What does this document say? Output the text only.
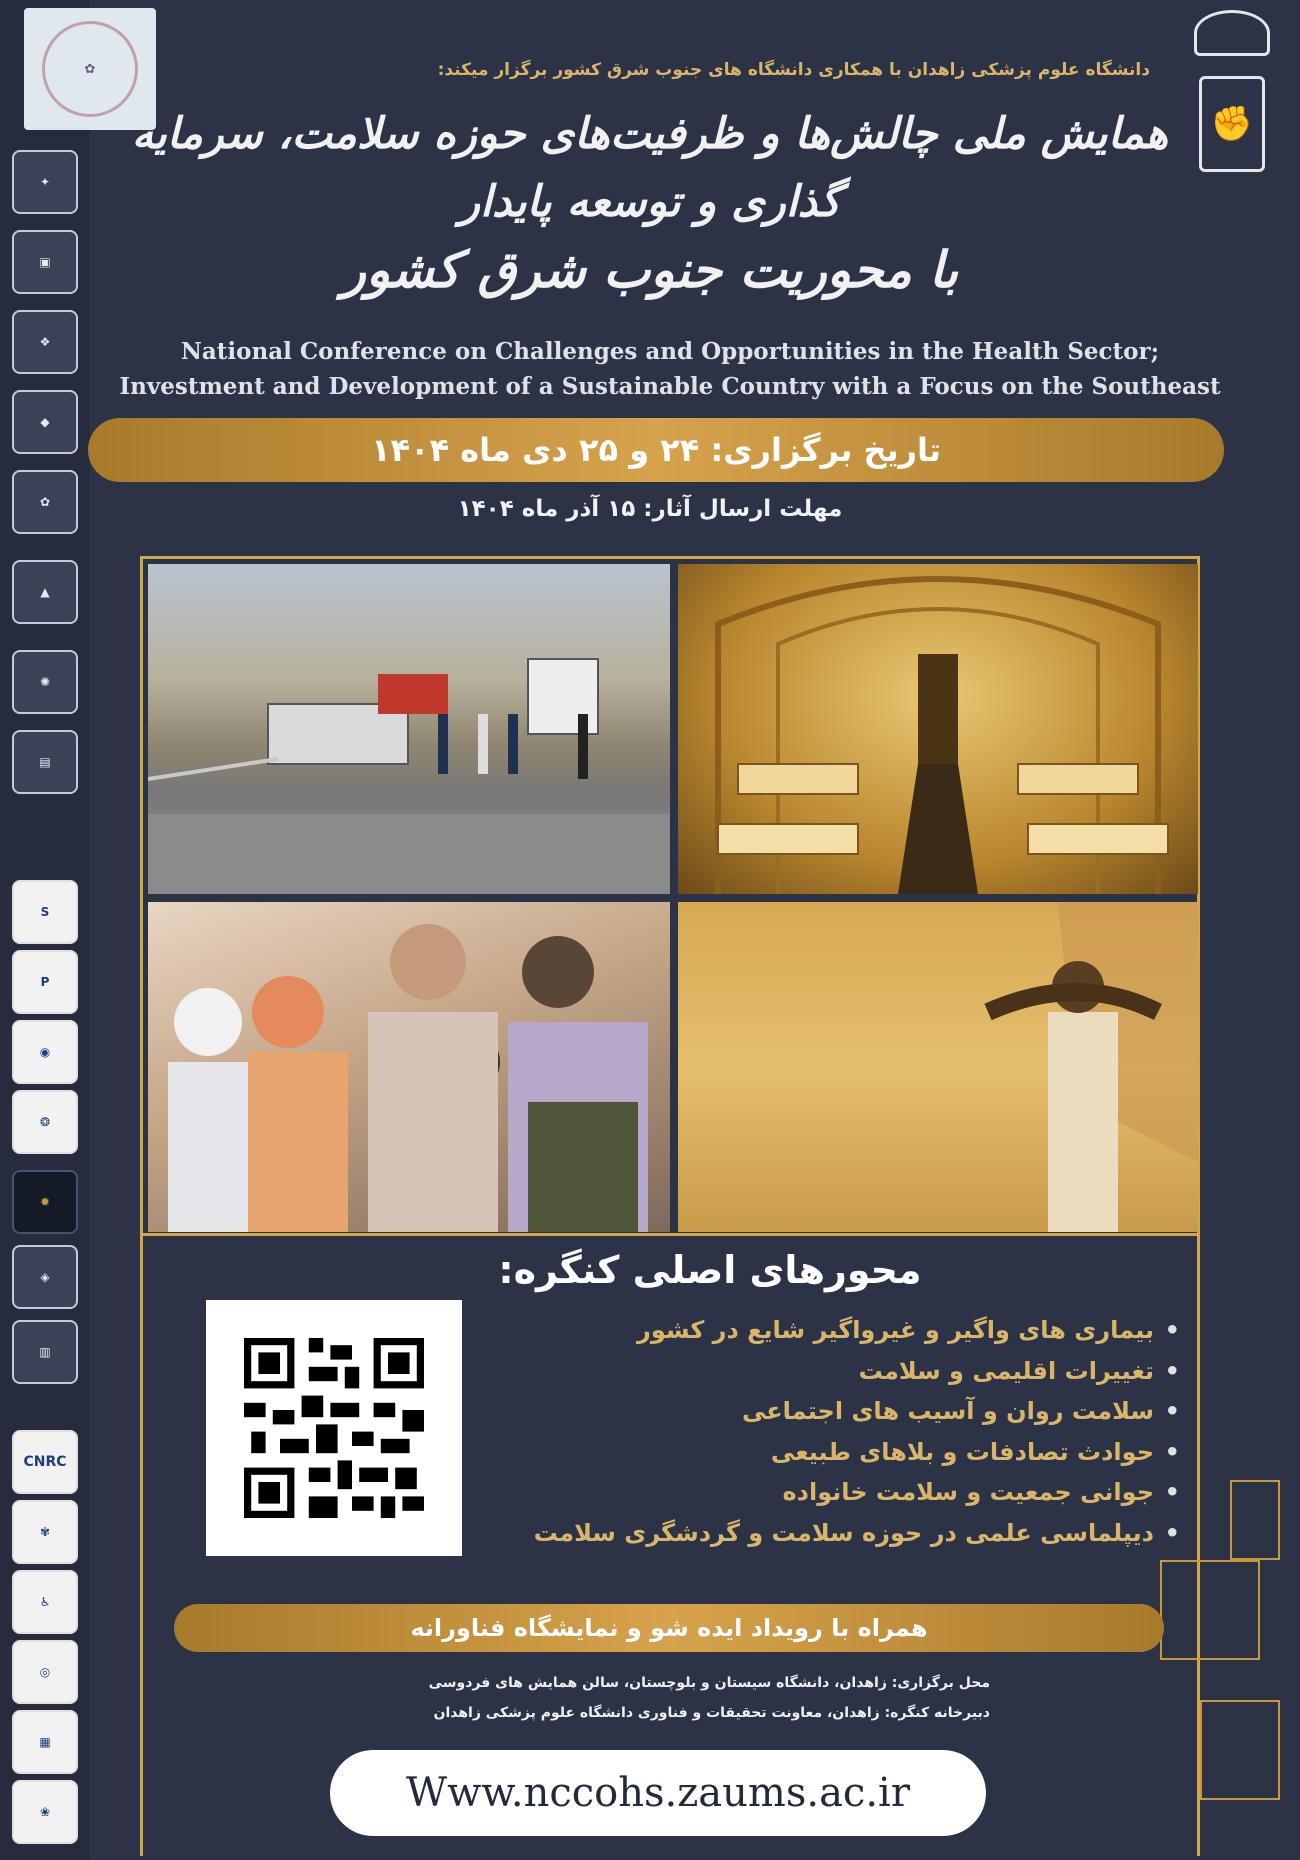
✦
▣
❖
◆
✿
▲
✺
▤
S
P
◉
❂
✹
◈
▥
CNRC
✾
♿
◎
▦
❀
✿
✊
دانشگاه علوم پزشکی زاهدان با همکاری دانشگاه های جنوب شرق کشور برگزار میکند:
همایش ملی چالش‌ها و ظرفیت‌های حوزه سلامت، سرمایه گذاری و توسعه پایدار
با محوریت جنوب شرق کشور
National Conference on Challenges and Opportunities in the Health Sector;
Investment and Development of a Sustainable Country with a Focus on the Southeast
تاریخ برگزاری: ۲۴ و ۲۵ دی ماه ۱۴۰۴
مهلت ارسال آثار: ۱۵ آذر ماه ۱۴۰۴
محورهای اصلی کنگره:
• بیماری های واگیر و غیرواگیر شایع در کشور
• تغییرات اقلیمی و سلامت
• سلامت روان و آسیب های اجتماعی
• حوادث تصادفات و بلاهای طبیعی
• جوانی جمعیت و سلامت خانواده
• دیپلماسی علمی در حوزه سلامت و گردشگری سلامت
همراه با رویداد ایده شو و نمایشگاه فناورانه
محل برگزاری: زاهدان، دانشگاه سیستان و بلوچستان، سالن همایش های فردوسی
دبیرخانه کنگره: زاهدان، معاونت تحقیقات و فناوری دانشگاه علوم پزشکی زاهدان
Www.nccohs.zaums.ac.ir
